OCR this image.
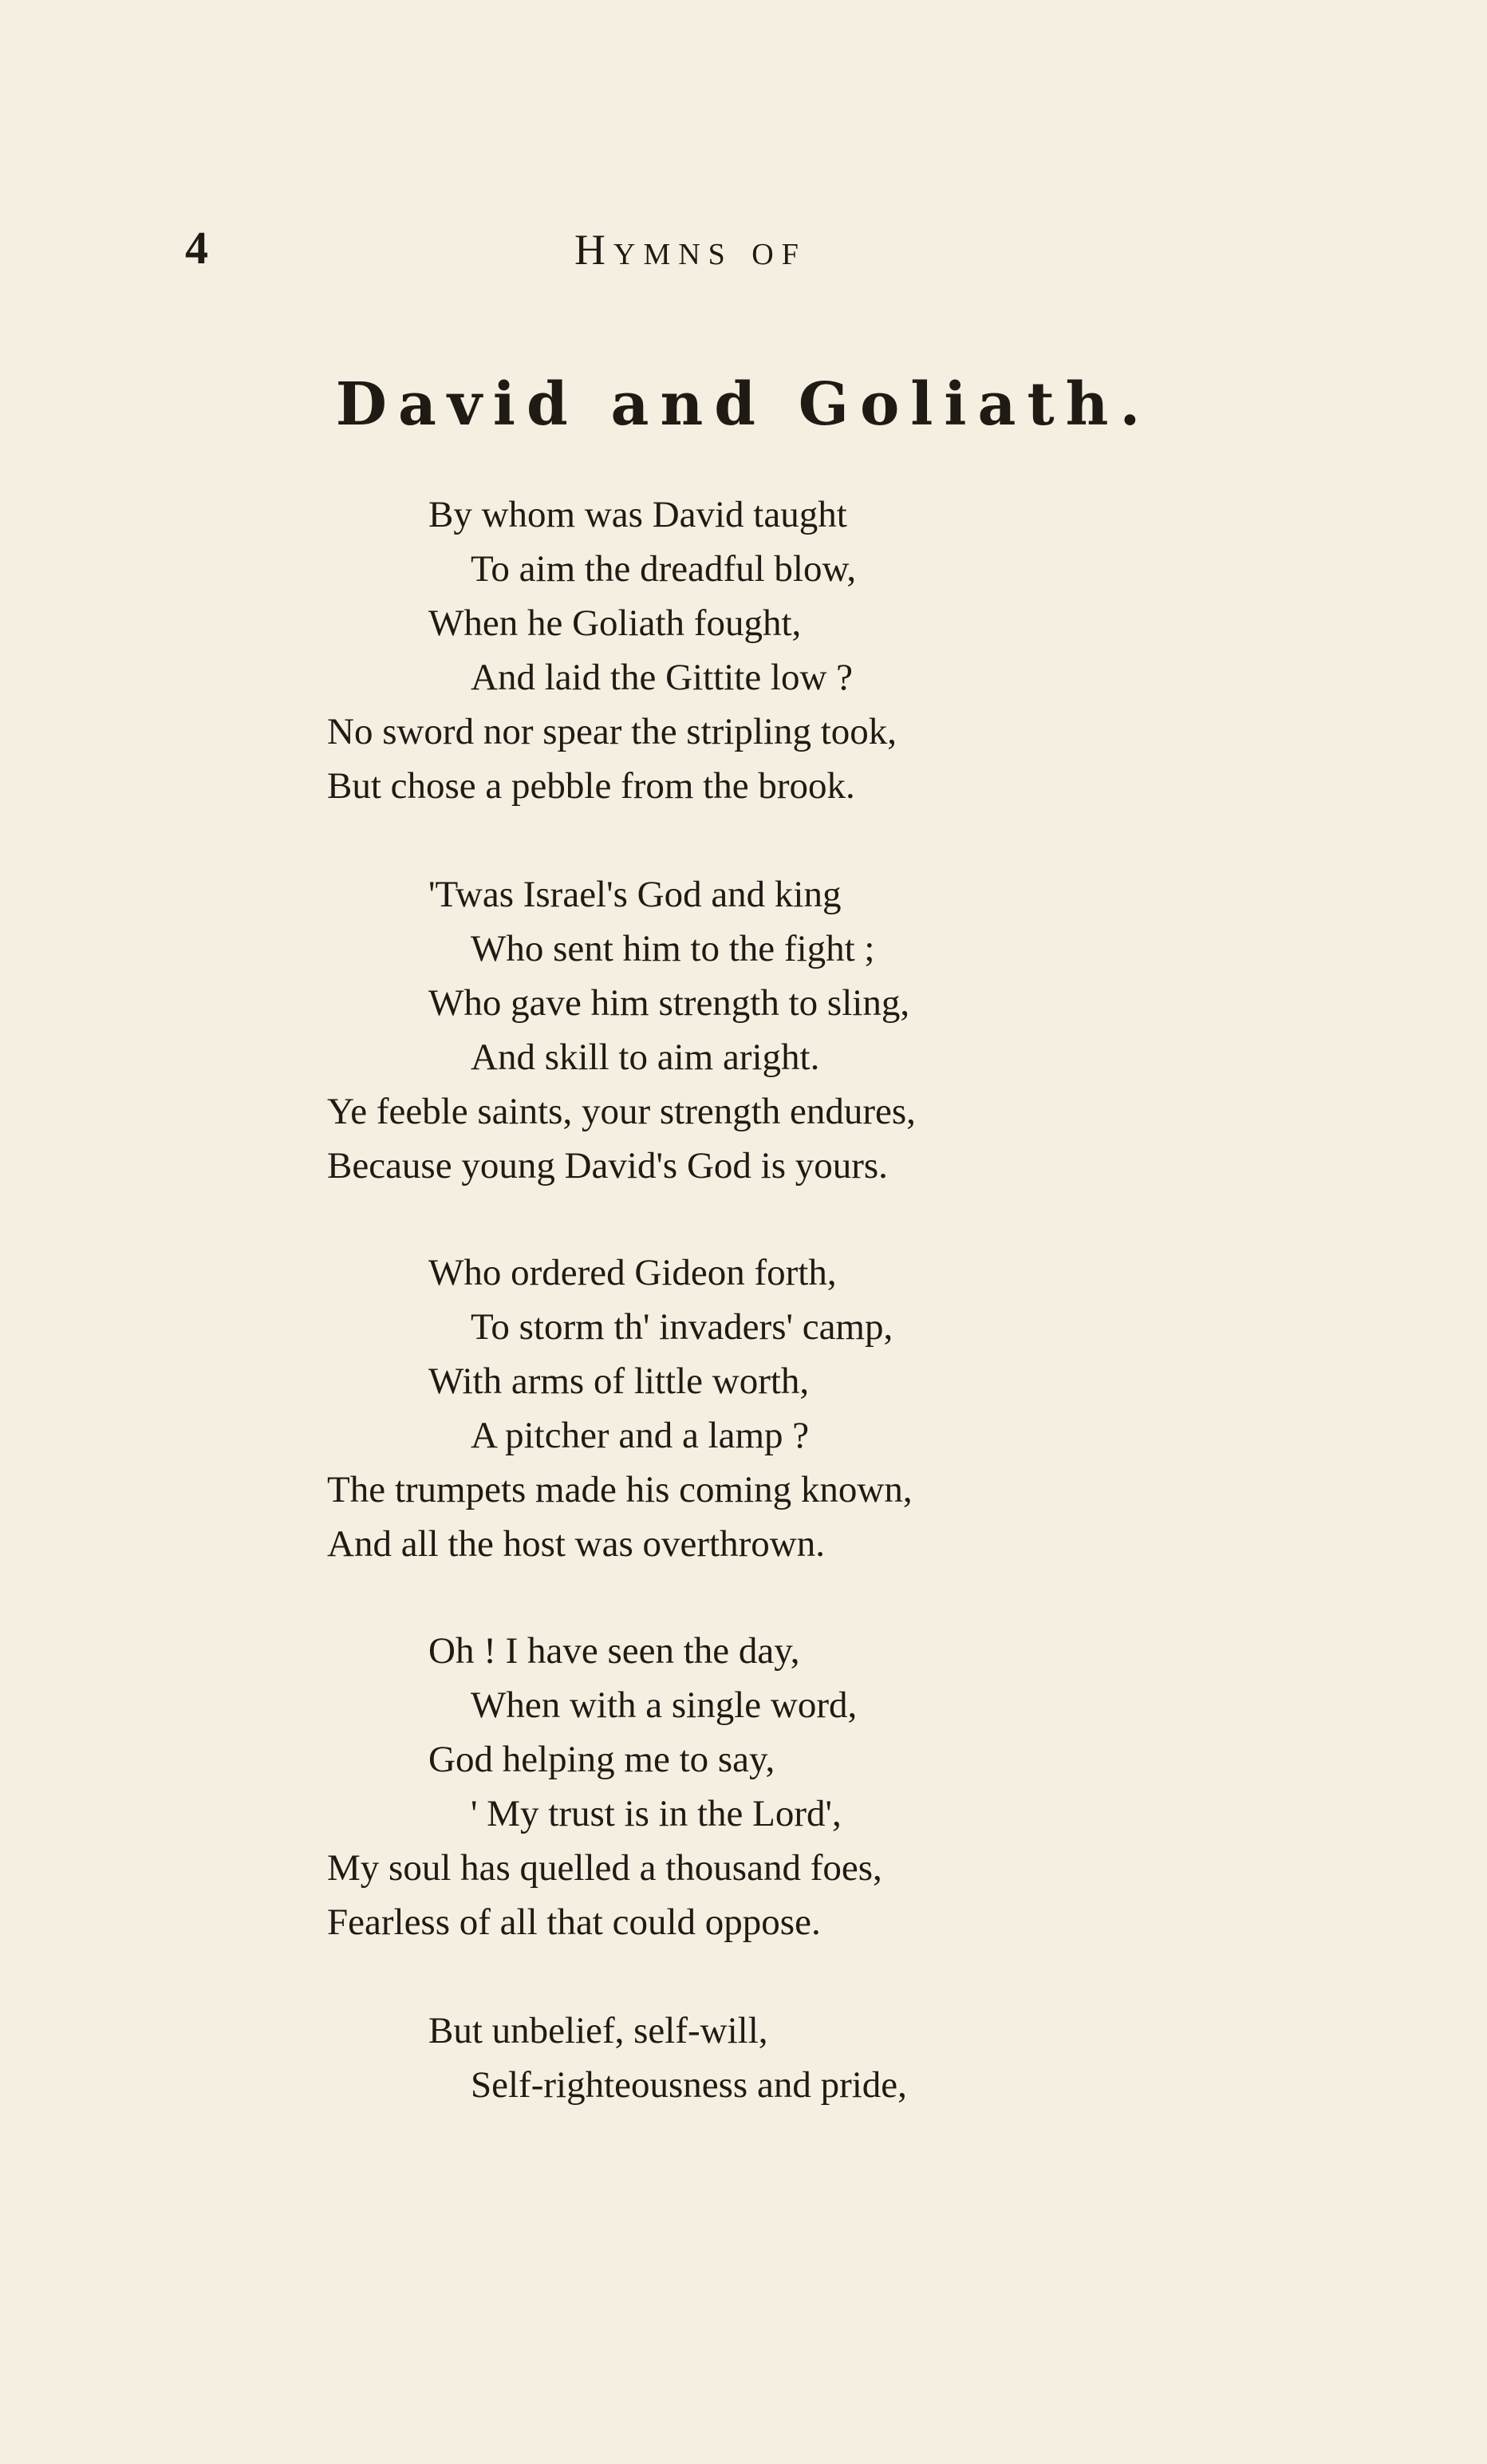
4	Hymns of
David and Goliath.
By whom was David taught
To aim the dreadful blow,
When he Goliath fought,
And laid the Gittite low ?
No sword nor spear the stripling took,
But chose a pebble from the brook.
'Twas Israel's God and king
Who sent him to the fight ;
Who gave him strength to sling,
And skill to aim aright.
Ye feeble saints, your strength endures,
Because young David's God is yours.
Who ordered Gideon forth,
To storm th' invaders' camp,
With arms of little worth,
A pitcher and a lamp ?
The trumpets made his coming known,
And all the host was overthrown.
Oh ! I have seen the day,
When with a single word,
God helping me to say,
' My trust is in the Lord',
My soul has quelled a thousand foes,
Fearless of all that could oppose.
But unbelief, self-will,
Self-righteousness and pride,
